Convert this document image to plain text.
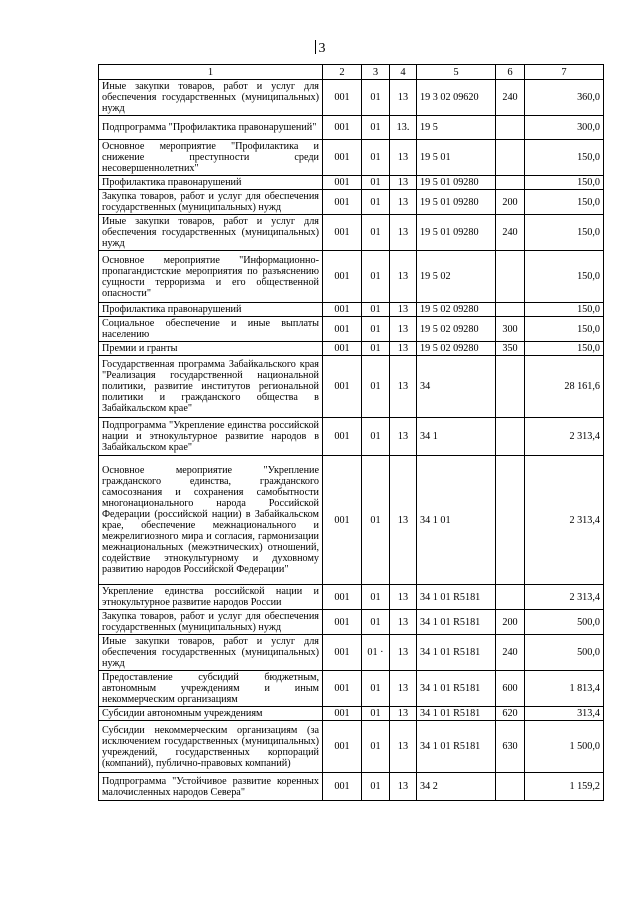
3
1	2	3	4	5	6	7
Иные закупки товаров, работ и услуг для обеспечения государственных (муниципальных) нужд	001	01	13	19 3 02 09620	240	360,0
Подпрограмма "Профилактика правонарушений"	001	01	13.	19 5		300,0
Основное мероприятие "Профилактика и снижение преступности среди несовершеннолетних"	001	01	13	19 5 01		150,0
Профилактика правонарушений	001	01	13	19 5 01 09280		150,0
Закупка товаров, работ и услуг для обеспечения государственных (муниципальных) нужд	001	01	13	19 5 01 09280	200	150,0
Иные закупки товаров, работ и услуг для обеспечения государственных (муниципальных) нужд	001	01	13	19 5 01 09280	240	150,0
Основное мероприятие "Информационно-пропагандистские мероприятия по разъяснению сущности терроризма и его общественной опасности"	001	01	13	19 5 02		150,0
Профилактика правонарушений	001	01	13	19 5 02 09280		150,0
Социальное обеспечение и иные выплаты населению	001	01	13	19 5 02 09280	300	150,0
Премии и гранты	001	01	13	19 5 02 09280	350	150,0
Государственная программа Забайкальского края "Реализация государственной национальной политики, развитие институтов региональной политики и гражданского общества в Забайкальском крае"	001	01	13	34		28 161,6
Подпрограмма "Укрепление единства российской нации и этнокультурное развитие народов в Забайкальском крае"	001	01	13	34 1		2 313,4
Основное мероприятие "Укрепление гражданского единства, гражданского самосознания и сохранения самобытности многонационального народа Российской Федерации (российской нации) в Забайкальском крае, обеспечение межнационального и межрелигиозного мира и согласия, гармонизации межнациональных (межэтнических) отношений, содействие этнокультурному и духовному развитию народов Российской Федерации"	001	01	13	34 1 01		2 313,4
Укрепление единства российской нации и этнокультурное развитие народов России	001	01	13	34 1 01 R5181		2 313,4
Закупка товаров, работ и услуг для обеспечения государственных (муниципальных) нужд	001	01	13	34 1 01 R5181	200	500,0
Иные закупки товаров, работ и услуг для обеспечения государственных (муниципальных) нужд	001	01 ·	13	34 1 01 R5181	240	500,0
Предоставление субсидий бюджетным, автономным учреждениям и иным некоммерческим организациям	001	01	13	34 1 01 R5181	600	1 813,4
Субсидии автономным учреждениям	001	01	13	34 1 01 R5181	620	313,4
Субсидии некоммерческим организациям (за исключением государственных (муниципальных) учреждений, государственных корпораций (компаний), публично-правовых компаний)	001	01	13	34 1 01 R5181	630	1 500,0
Подпрограмма "Устойчивое развитие коренных малочисленных народов Севера"	001	01	13	34 2		1 159,2
